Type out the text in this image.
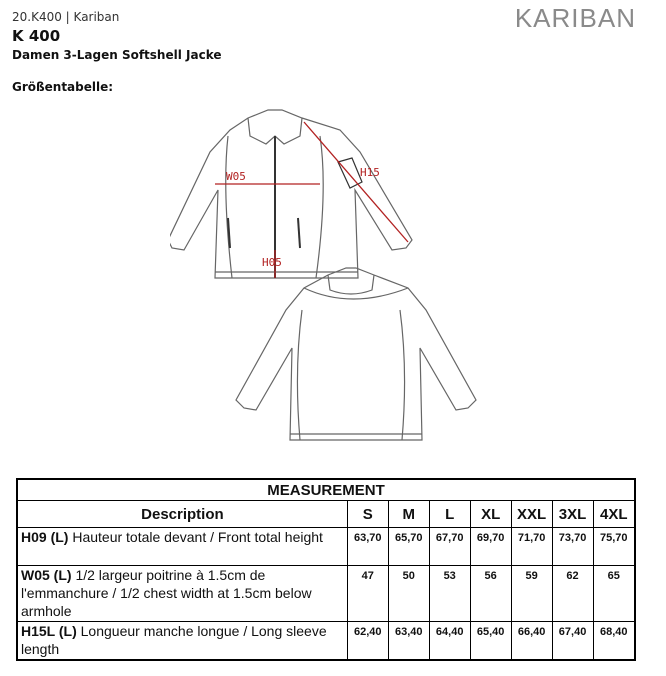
20.K400 | Kariban
K 400
Damen 3-Lagen Softshell Jacke
Größentabelle:
KARIBAN
W05
H05
H15
MEASUREMENT							
Description	S	M	L	XL	XXL	3XL	4XL
H09 (L) Hauteur totale devant / Front total height	63,70	65,70	67,70	69,70	71,70	73,70	75,70
W05 (L) 1/2 largeur poitrine à 1.5cm de l'emmanchure / 1/2 chest width at 1.5cm below armhole	47	50	53	56	59	62	65
H15L (L) Longueur manche longue / Long sleeve length	62,40	63,40	64,40	65,40	66,40	67,40	68,40
